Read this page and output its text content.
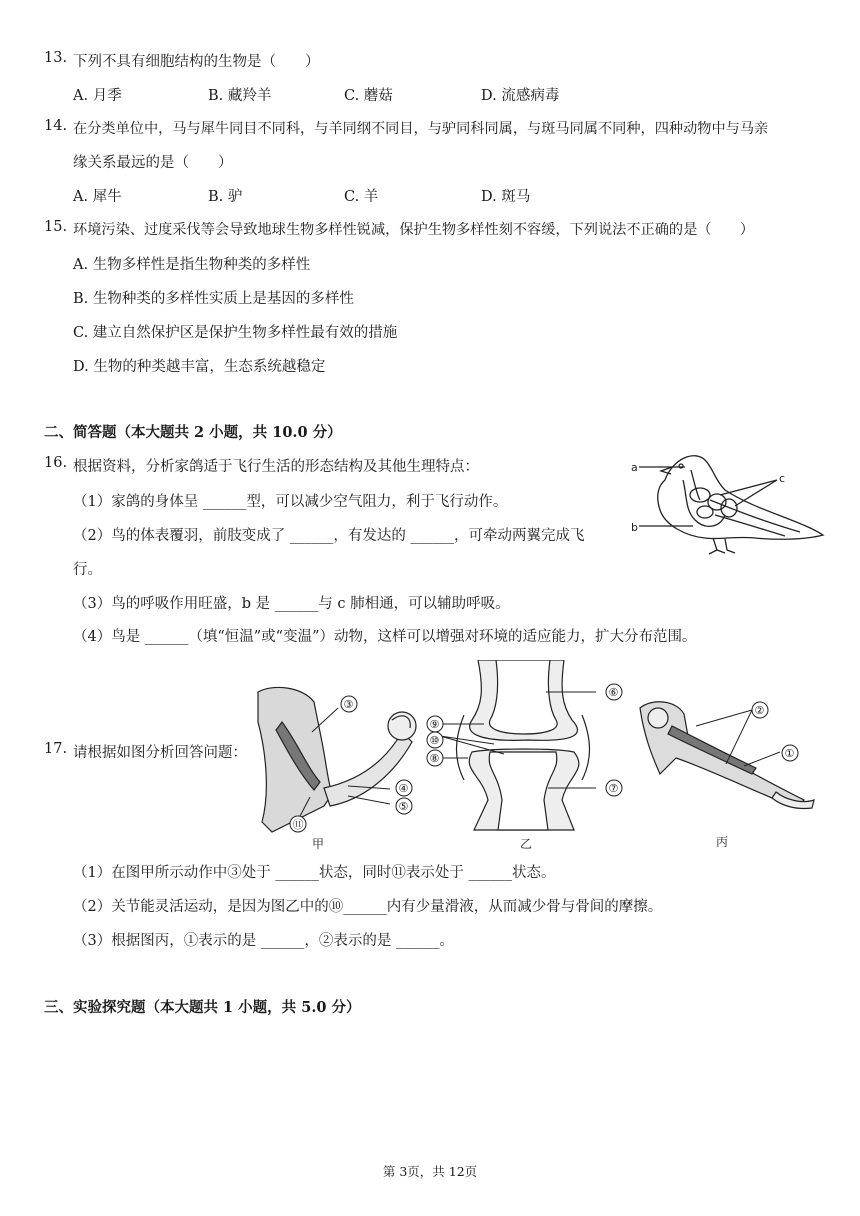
13. 下列不具有细胞结构的生物是（　　）
A. 月季	B. 藏羚羊	C. 蘑菇	D. 流感病毒
14. 在分类单位中，马与犀牛同目不同科，与羊同纲不同目，与驴同科同属，与斑马同属不同种，四种动物中与马亲
缘关系最远的是（　　）
A. 犀牛	B. 驴	C. 羊	D. 斑马
15. 环境污染、过度采伐等会导致地球生物多样性锐减，保护生物多样性刻不容缓，下列说法不正确的是（　　）
A. 生物多样性是指生物种类的多样性
B. 生物种类的多样性实质上是基因的多样性
C. 建立自然保护区是保护生物多样性最有效的措施
D. 生物的种类越丰富，生态系统越稳定
二、简答题（本大题共 2 小题，共 10.0 分）
16. 根据资料，分析家鸽适于飞行生活的形态结构及其他生理特点：
（1）家鸽的身体呈 ______型，可以减少空气阻力，利于飞行动作。
（2）鸟的体表覆羽，前肢变成了 ______，有发达的 ______，可牵动两翼完成飞
行。
（3）鸟的呼吸作用旺盛，b 是 ______与 c 肺相通，可以辅助呼吸。
（4）鸟是 ______（填“恒温”或“变温”）动物，这样可以增强对环境的适应能力，扩大分布范围。
a
b
c
17. 请根据如图分析回答问题：
③
④
⑤
⑪
甲
⑥
⑨
⑩
⑧
⑦
乙
②
①
丙
（1）在图甲所示动作中③处于 ______状态，同时⑪表示处于 ______状态。
（2）关节能灵活运动，是因为图乙中的⑩______内有少量滑液，从而减少骨与骨间的摩擦。
（3）根据图丙，①表示的是 ______，②表示的是 ______。
三、实验探究题（本大题共 1 小题，共 5.0 分）
第 3页，共 12页
